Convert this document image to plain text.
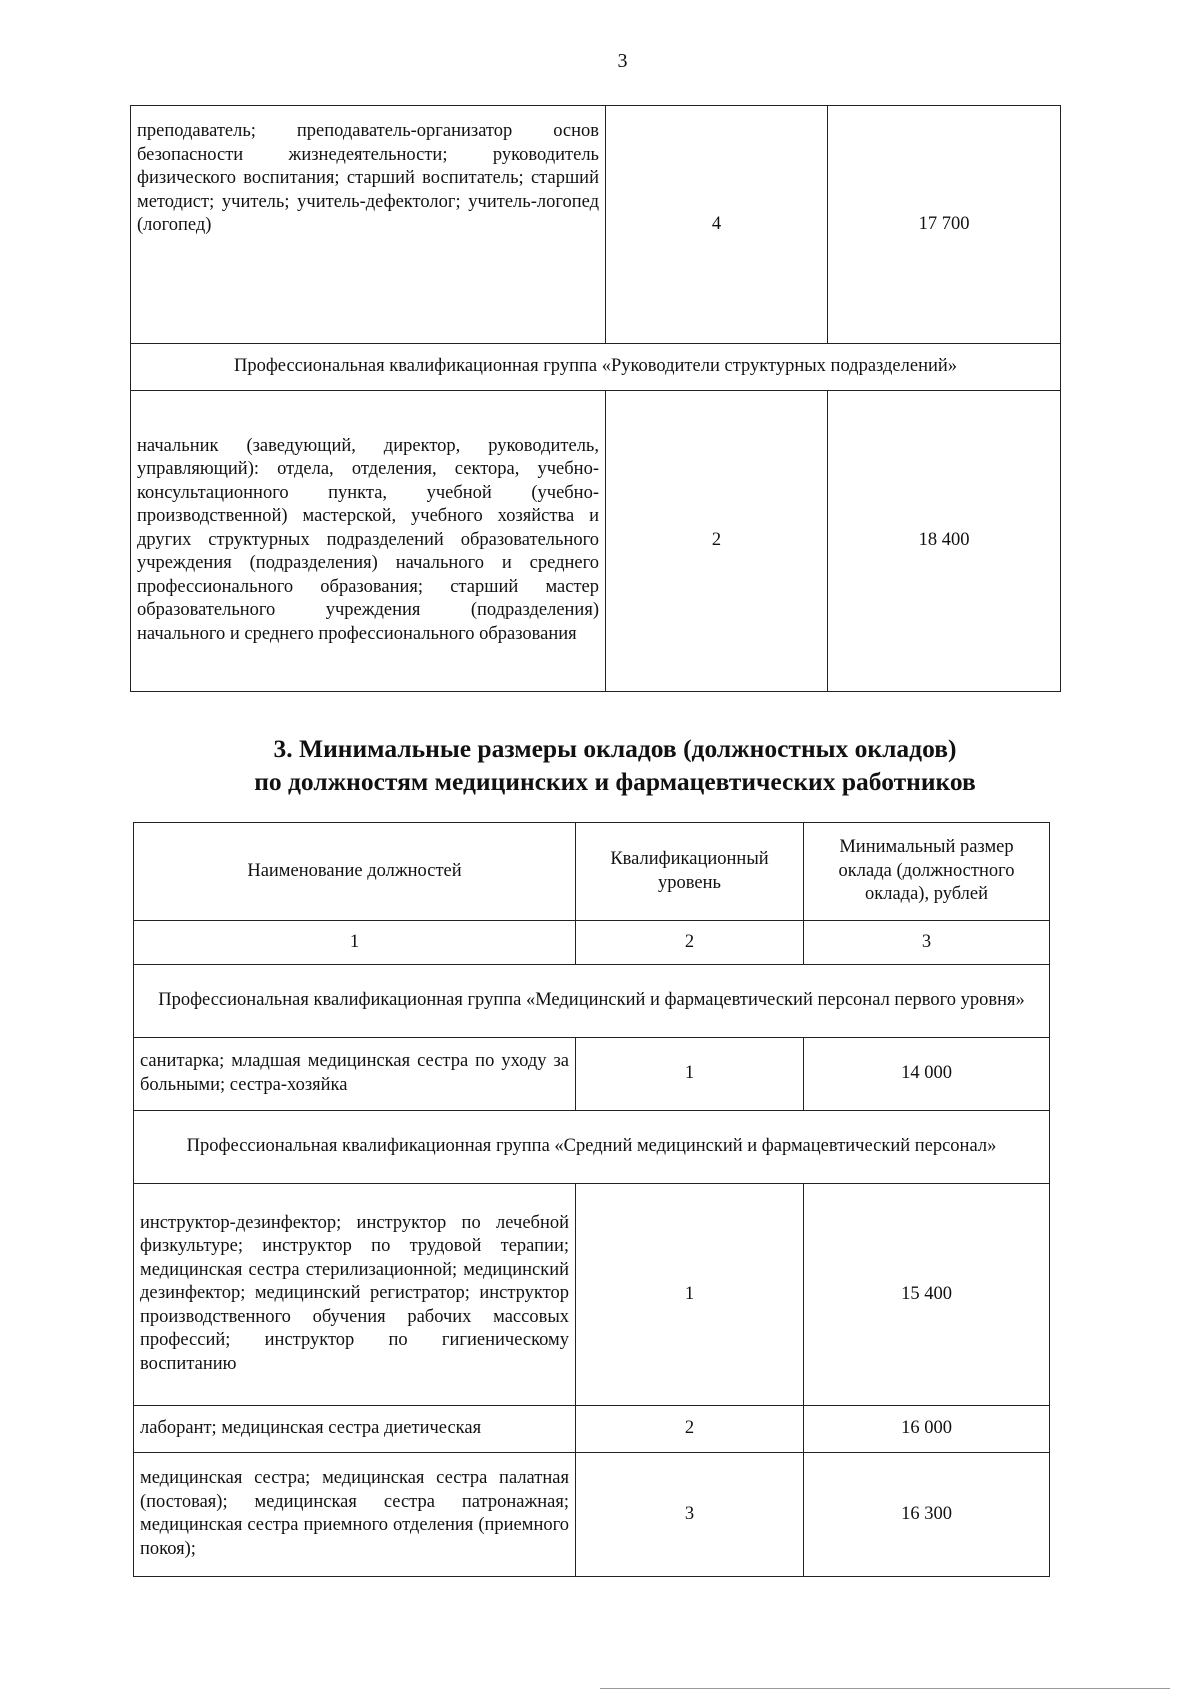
3
преподаватель; преподаватель-организатор основ безопасности жизнедеятельности; руководитель физического воспитания; старший воспитатель; старший методист; учитель; учитель-дефектолог; учитель-логопед (логопед)	4	17 700
Профессиональная квалификационная группа «Руководители структурных подразделений»		
начальник (заведующий, директор, руководитель, управляющий): отдела, отделения, сектора, учебно-консультационного пункта, учебной (учебно-производственной) мастерской, учебного хозяйства и других структурных подразделений образовательного учреждения (подразделения) начального и среднего профессионального образования; старший мастер образовательного учреждения (подразделения) начального и среднего профессионального образования	2	18 400
3. Минимальные размеры окладов (должностных окладов)
по должностям медицинских и фармацевтических работников
Наименование должностей	Квалификационный уровень	Минимальный размер оклада (должностного оклада), рублей
1	2	3
Профессиональная квалификационная группа «Медицинский и фармацевтический персонал первого уровня»		
санитарка; младшая медицинская сестра по уходу за больными; сестра-хозяйка	1	14 000
Профессиональная квалификационная группа «Средний медицинский и фармацевтический персонал»		
инструктор-дезинфектор; инструктор по лечебной физкультуре; инструктор по трудовой терапии; медицинская сестра стерилизационной; медицинский дезинфектор; медицинский регистратор; инструктор производственного обучения рабочих массовых профессий; инструктор по гигиеническому воспитанию	1	15 400
лаборант; медицинская сестра диетическая	2	16 000
медицинская сестра; медицинская сестра палатная (постовая); медицинская сестра патронажная; медицинская сестра приемного отделения (приемного покоя);	3	16 300
